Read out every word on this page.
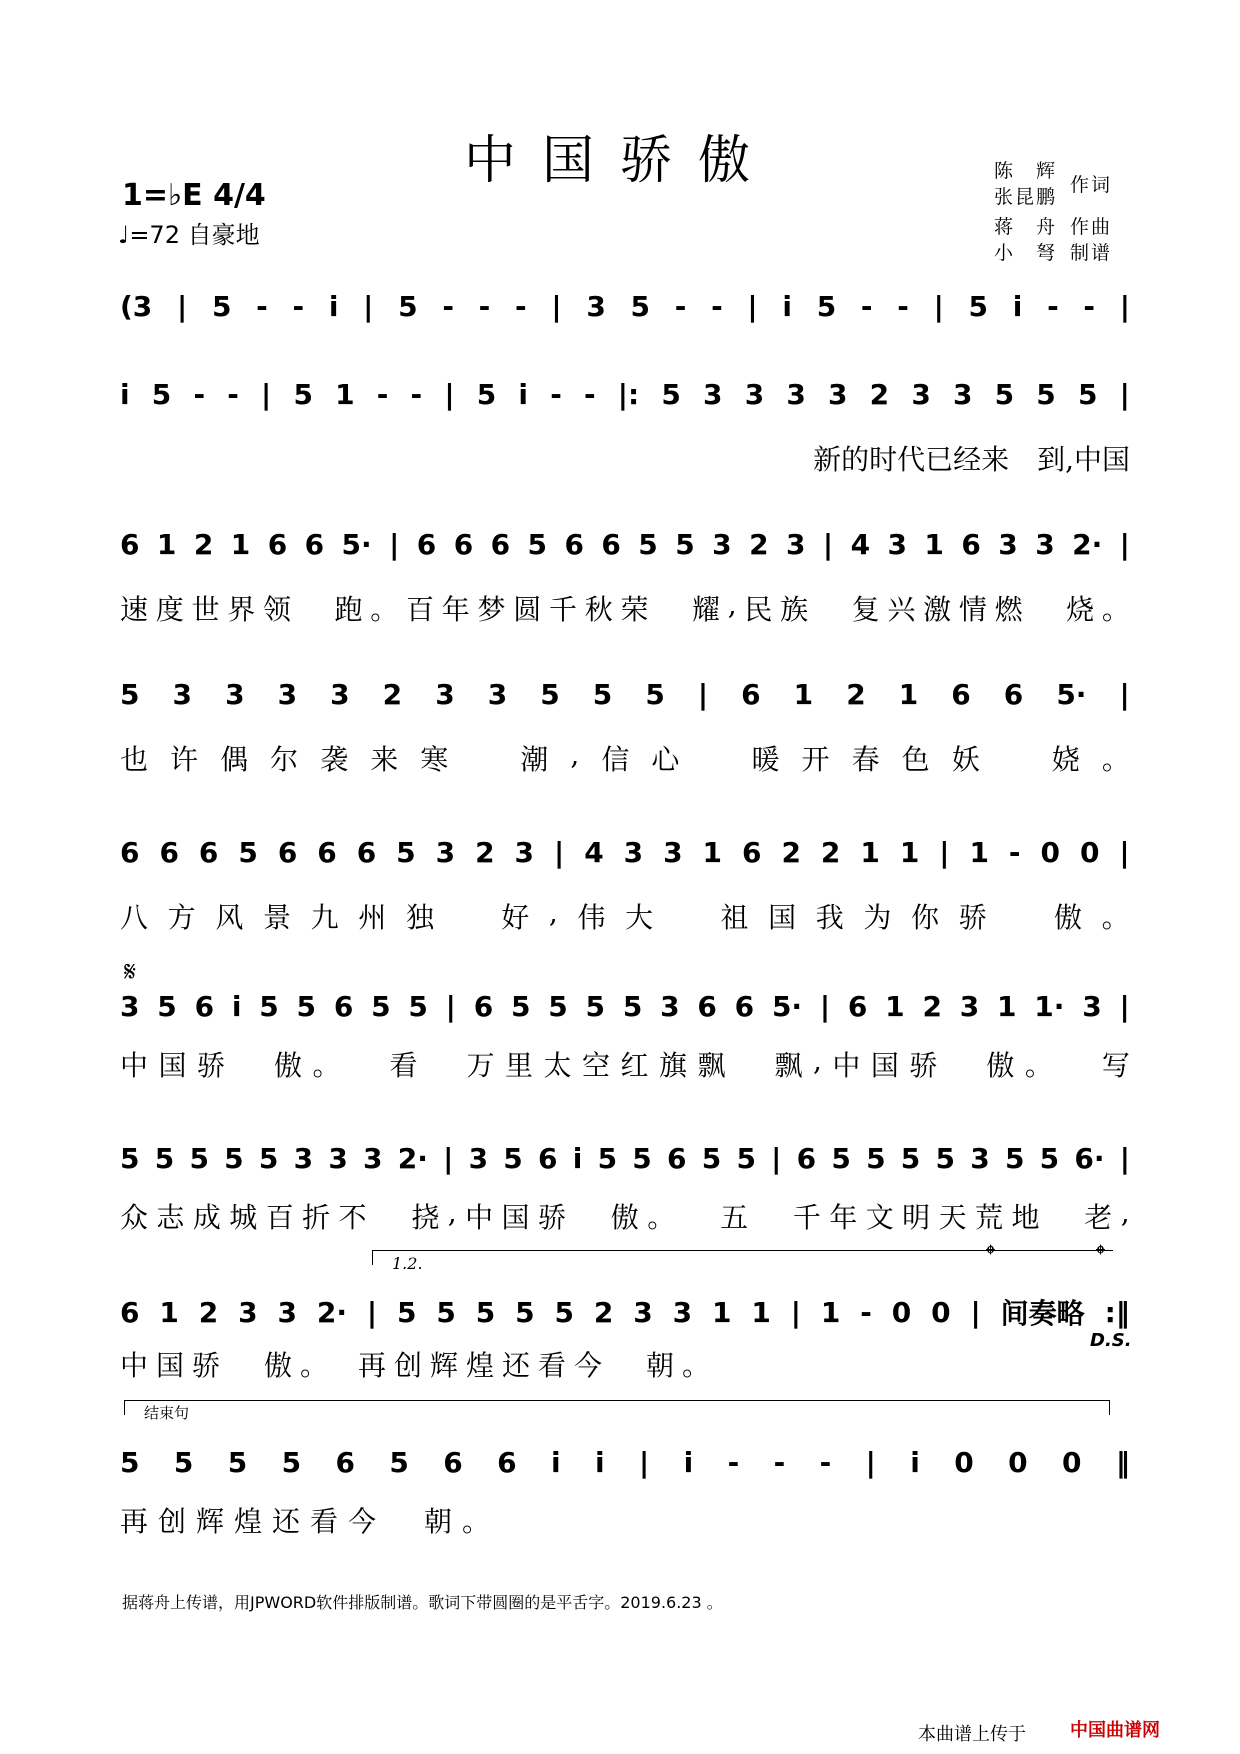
中国骄傲
1=♭E 4/4
♩=72 自豪地
陈　辉
张昆鹏
作词
蒋　舟 作曲
小　弩 制谱
(3 | 5 - - i | 5 - - - | 3 5 - - | i 5 - - | 5 i - - |
i 5 - - | 5 1 - - | 5 i - - |: 5 3 3 3 3 2 3 3 5 5 5 |
新的时代已经来　到,中国
6 1 2 1 6 6 5· | 6 6 6 5 6 6 5 5 3 2 3 | 4 3 1 6 3 3 2· |
速 度 世 界 领
　 跑 。 百 年 梦 圆 千 秋 荣
　 耀 , 民 族
　 复 兴 激 情 燃
　 烧 。
5 3 3 3 3 2 3 3 5 5 5 | 6 1 2 1 6 6 5· |
也 许 偶 尔 袭 来 寒
　	潮 , 信 心
　	暖 开 春 色 妖
　	娆 。
6 6 6 5 6 6 6 5 3 2 3 | 4 3 3 1 6 2 2 1 1 | 1 - 0 0 |
八 方 风 景 九 州 独
　 好 , 伟 大
　 祖 国 我 为 你 骄
　 傲 。
𝄋
3 5 6 i 5 5 6 5 5 | 6 5 5 5 5 3 6 6 5· | 6 1 2 3 1 1· 3 |
中 国 骄
　 傲 。
　 看
　 万 里 太 空 红 旗 飘
　 飘 , 中 国 骄
　 傲 。
　 写
5 5 5 5 5 3 3 3 2· | 3 5 6 i 5 5 6 5 5 | 6 5 5 5 5 3 5 5 6· |
众 志 成 城 百 折 不
　 挠 , 中 国 骄
　 傲 。
　 五
　 千 年 文 明 天 荒 地
　 老 ,
1.2.	𝄌	𝄌
6 1 2 3 3 2· | 5 5 5 5 5 2 3 3 1 1 | 1 - 0 0 | 间奏略 :‖
中国骄　傲。　再创辉煌还看今　朝。
D.S.
结束句
5 5 5 5 6 5 6 6 i i | i - - - | i 0 0 0 ‖
再创辉煌还看今　朝。
据蒋舟上传谱，用JPWORD软件排版制谱。歌词下带圆圈的是平舌字。2019.6.23 。
本曲谱上传于 中国曲谱网
